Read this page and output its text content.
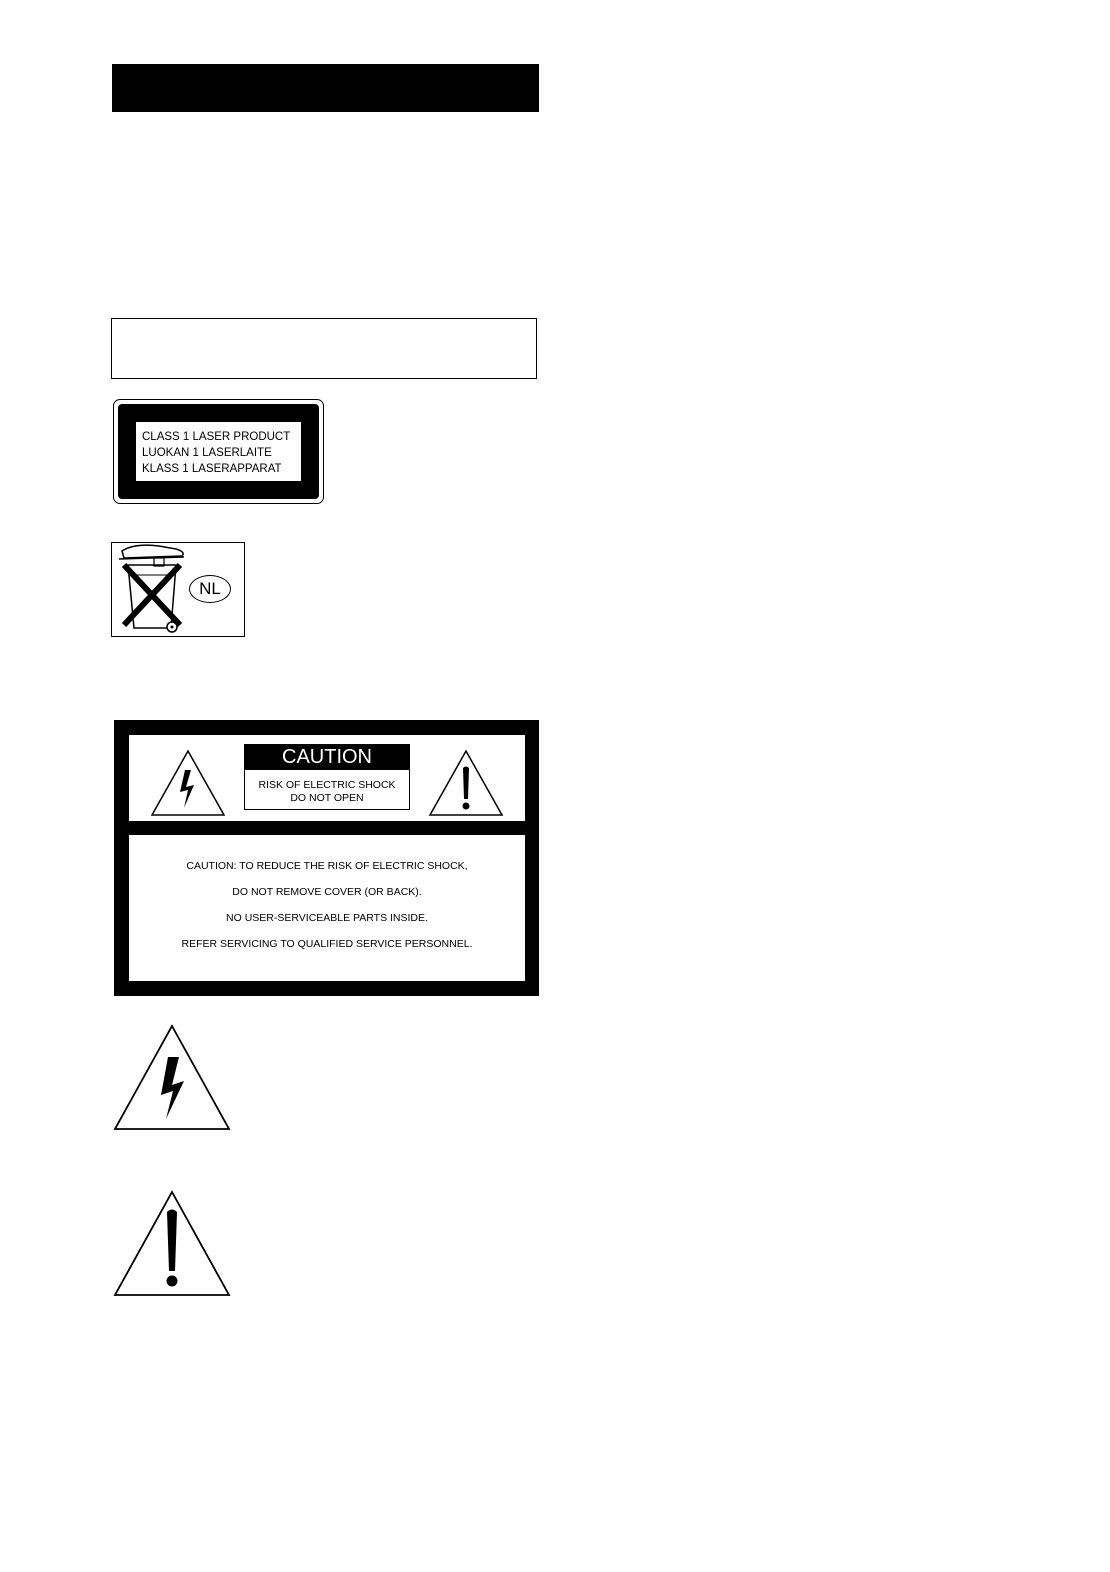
CLASS 1 LASER PRODUCT
LUOKAN 1 LASERLAITE
KLASS 1 LASERAPPARAT
NL
CAUTION
RISK OF ELECTRIC SHOCK
DO NOT OPEN
CAUTION: TO REDUCE THE RISK OF ELECTRIC SHOCK,
DO NOT REMOVE COVER (OR BACK).
NO USER-SERVICEABLE PARTS INSIDE.
REFER SERVICING TO QUALIFIED SERVICE PERSONNEL.
